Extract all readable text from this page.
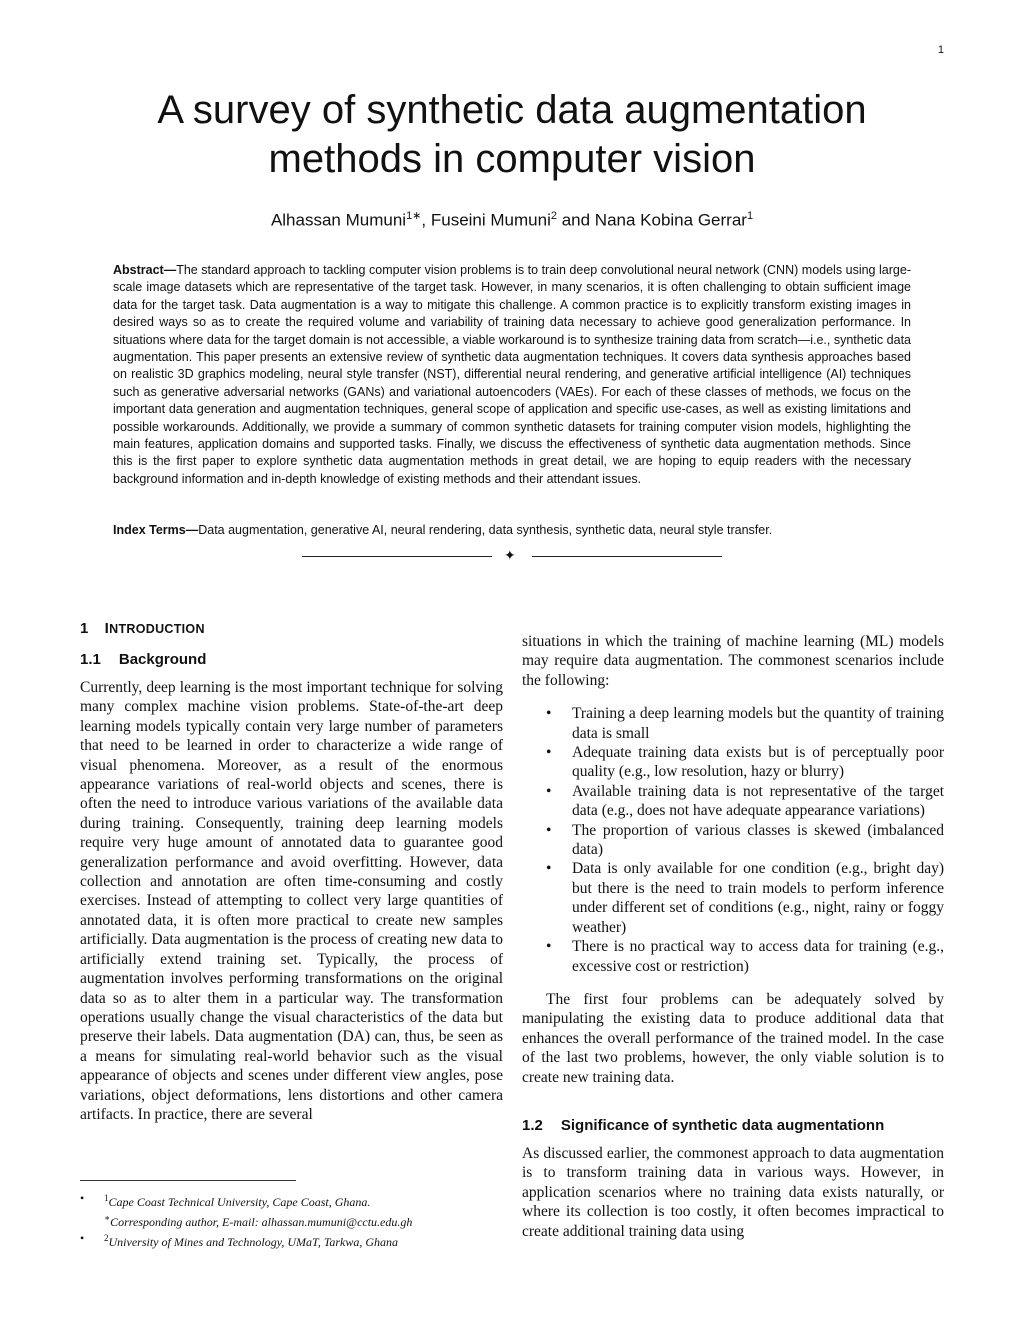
1
A survey of synthetic data augmentation methods in computer vision
Alhassan Mumuni$^{1∗}$, Fuseini Mumuni$^2$ and Nana Kobina Gerrar$^1$

Abstract—The standard approach to tackling computer vision problems is to train deep convolutional neural network (CNN) models using large-scale image datasets which are representative of the target task. However, in many scenarios, it is often challenging to obtain sufficient image data for the target task. Data augmentation is a way to mitigate this challenge. A common practice is to explicitly transform existing images in desired ways so as to create the required volume and variability of training data necessary to achieve good generalization performance. In situations where data for the target domain is not accessible, a viable workaround is to synthesize training data from scratch—i.e., synthetic data augmentation. This paper presents an extensive review of synthetic data augmentation techniques. It covers data synthesis approaches based on realistic 3D graphics modeling, neural style transfer (NST), differential neural rendering, and generative artificial intelligence (AI) techniques such as generative adversarial networks (GANs) and variational autoencoders (VAEs). For each of these classes of methods, we focus on the important data generation and augmentation techniques, general scope of application and specific use-cases, as well as existing limitations and possible workarounds. Additionally, we provide a summary of common synthetic datasets for training computer vision models, highlighting the main features, application domains and supported tasks. Finally, we discuss the effectiveness of synthetic data augmentation methods. Since this is the first paper to explore synthetic data augmentation methods in great detail, we are hoping to equip readers with the necessary background information and in-depth knowledge of existing methods and their attendant issues.

Index Terms—Data augmentation, generative AI, neural rendering, data synthesis, synthetic data, neural style transfer.

✦
1 INTRODUCTION
1.1 Background

Currently, deep learning is the most important technique for solving many complex machine vision problems. State-of-the-art deep learning models typically contain very large number of parameters that need to be learned in order to characterize a wide range of visual phenomena. Moreover, as a result of the enormous appearance variations of real-world objects and scenes, there is often the need to introduce various variations of the available data during training. Consequently, training deep learning models require very huge amount of annotated data to guarantee good generalization performance and avoid overfitting. However, data collection and annotation are often time-consuming and costly exercises. Instead of attempting to collect very large quantities of annotated data, it is often more practical to create new samples artificially. Data augmentation is the process of creating new data to artificially extend training set. Typically, the process of augmentation involves performing transformations on the original data so as to alter them in a particular way. The transformation operations usually change the visual characteristics of the data but preserve their labels. Data augmentation (DA) can, thus, be seen as a means for simulating real-world behavior such as the visual appearance of objects and scenes under different view angles, pose variations, object deformations, lens distortions and other camera artifacts. In practice, there are several

situations in which the training of machine learning (ML) models may require data augmentation. The commonest scenarios include the following:

• Training a deep learning models but the quantity of training data is small
• Adequate training data exists but is of perceptually poor quality (e.g., low resolution, hazy or blurry)
• Available training data is not representative of the target data (e.g., does not have adequate appearance variations)
• The proportion of various classes is skewed (imbalanced data)
• Data is only available for one condition (e.g., bright day) but there is the need to train models to perform inference under different set of conditions (e.g., night, rainy or foggy weather)
• There is no practical way to access data for training (e.g., excessive cost or restriction)

The first four problems can be adequately solved by manipulating the existing data to produce additional data that enhances the overall performance of the trained model. In the case of the last two problems, however, the only viable solution is to create new training data.

1.2 Significance of synthetic data augmentationn

As discussed earlier, the commonest approach to data augmentation is to transform training data in various ways. However, in application scenarios where no training data exists naturally, or where its collection is too costly, it often becomes impractical to create additional training data using

• $^1$Cape Coast Technical University, Cape Coast, Ghana.
∗Corresponding author, E-mail: alhassan.mumuni@cctu.edu.gh
• $^2$University of Mines and Technology, UMaT, Tarkwa, Ghana
